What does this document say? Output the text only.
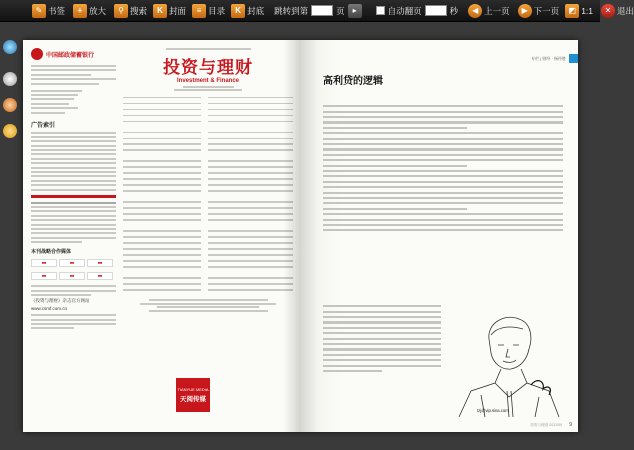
✎ 书签	+ 放大	⚲ 搜索	K 封面	≡ 目录	K 封底 跳转到第	页 ▸	自动翻页	秒	◀ 上一页	▶ 下一页	◩ 1:1	✕ 退出
中国邮政储蓄银行
广告索引
本刊战略合作媒体
■■	■■	■■
■■	■■	■■
《投资与理财》杂志官方网站
www.csmf.com.cn
投资与理财
Investment & Finance
TIANYUE MEDIA
天阅传媒
专栏 | 财经 · 杨经胜
高利贷的逻辑
tzj@vip.sina.com
投资与理财 2011/09 9
